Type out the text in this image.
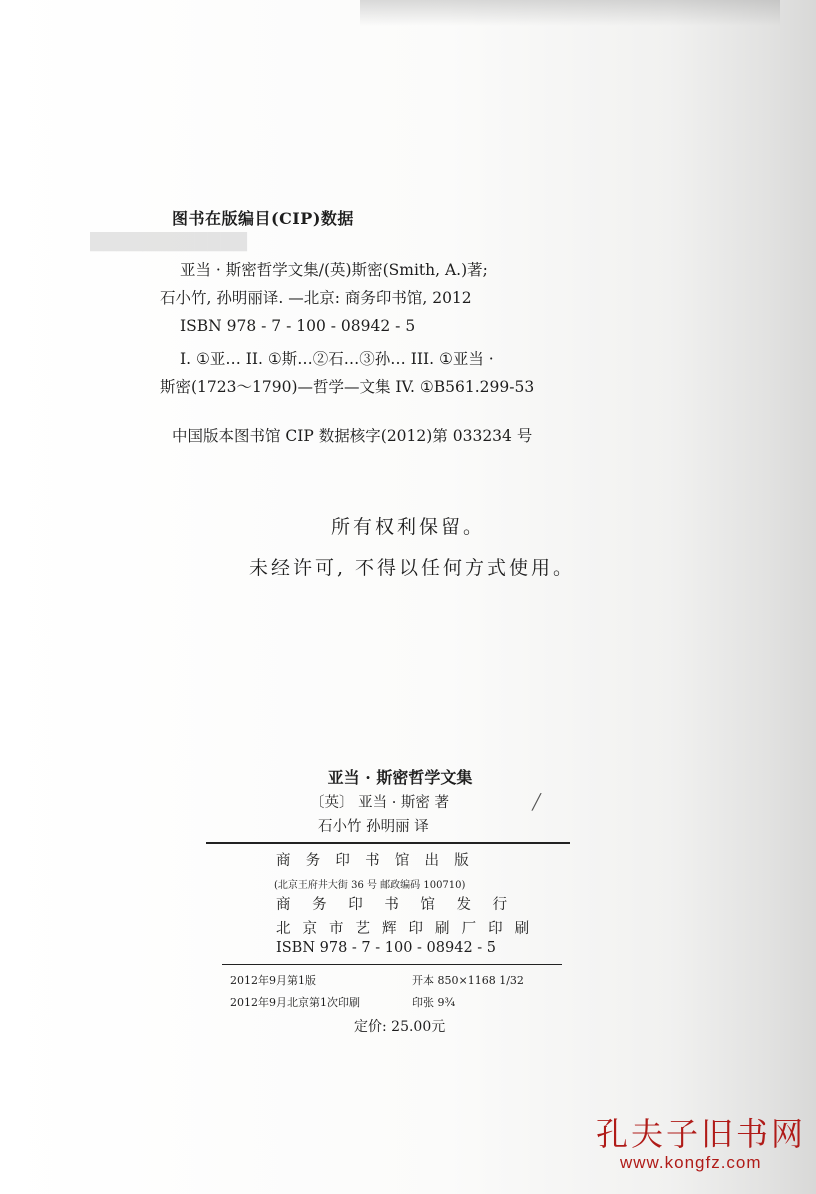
████████████
图书在版编目(CIP)数据
亚当 · 斯密哲学文集/(英)斯密(Smith, A.)著;
石小竹, 孙明丽译. —北京: 商务印书馆, 2012
ISBN 978 - 7 - 100 - 08942 - 5
I. ①亚… II. ①斯…②石…③孙… III. ①亚当 ·
斯密(1723～1790)—哲学—文集 IV. ①B561.299-53
中国版本图书馆 CIP 数据核字(2012)第 033234 号
所有权利保留。
未经许可, 不得以任何方式使用。
亚当 · 斯密哲学文集
〔英〕 亚当 · 斯密 著	╱
石小竹 孙明丽 译
商 务 印 书 馆 出 版
(北京王府井大街 36 号 邮政编码 100710)
商 务 印 书 馆 发 行
北 京 市 艺 辉 印 刷 厂 印 刷
ISBN 978 - 7 - 100 - 08942 - 5
2012年9月第1版
2012年9月北京第1次印刷
开本 850×1168 1/32
印张 9¾
定价: 25.00元
孔夫子旧书网
www.kongfz.com
